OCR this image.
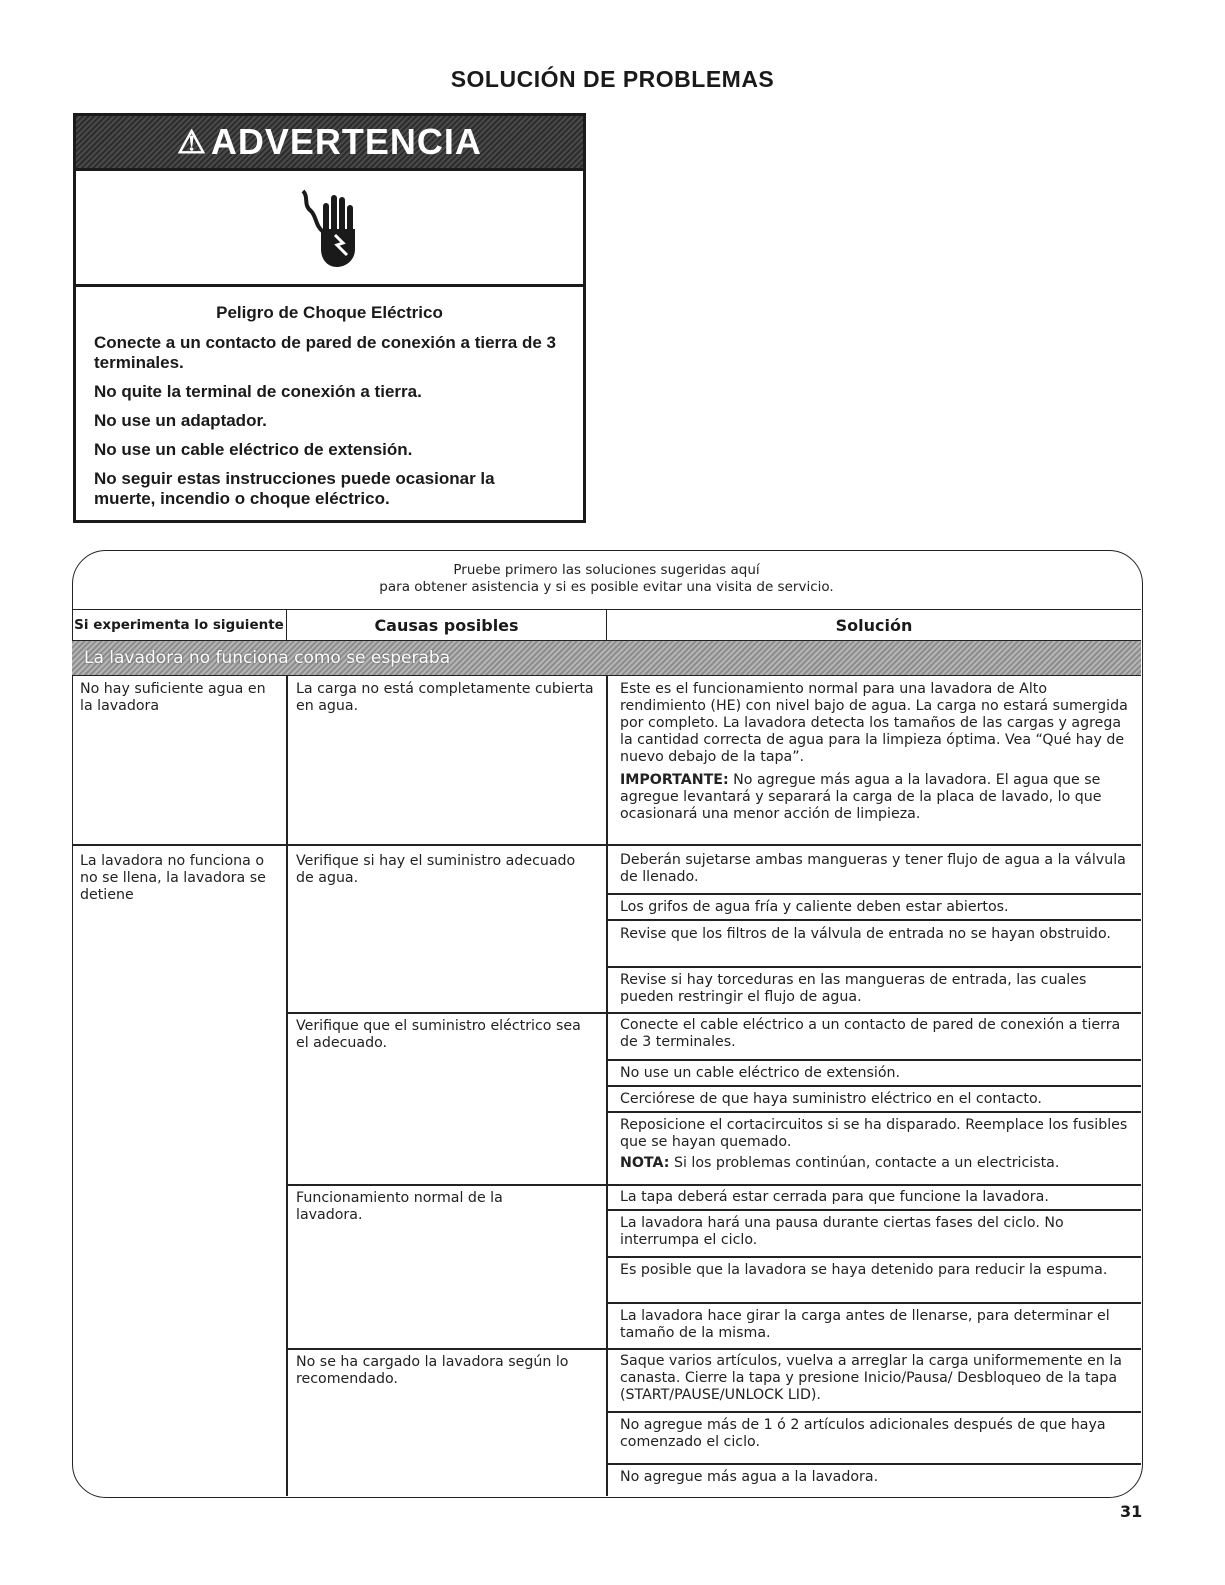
SOLUCIÓN DE PROBLEMAS
⚠ ADVERTENCIA
Peligro de Choque Eléctrico

Conecte a un contacto de pared de conexión a tierra de 3 terminales.

No quite la terminal de conexión a tierra.

No use un adaptador.

No use un cable eléctrico de extensión.

No seguir estas instrucciones puede ocasionar la muerte, incendio o choque eléctrico.

Pruebe primero las soluciones sugeridas aquí
para obtener asistencia y si es posible evitar una visita de servicio.
Si experimenta lo siguiente	Causas posibles	Solución
La lavadora no funciona como se esperaba
No hay suficiente agua en la lavadora
La carga no está completamente cubierta en agua.
Este es el funcionamiento normal para una lavadora de Alto rendimiento (HE) con nivel bajo de agua. La carga no estará sumergida por completo. La lavadora detecta los tamaños de las cargas y agrega la cantidad correcta de agua para la limpieza óptima. Vea “Qué hay de nuevo debajo de la tapa”.
IMPORTANTE: No agregue más agua a la lavadora. El agua que se agregue levantará y separará la carga de la placa de lavado, lo que ocasionará una menor acción de limpieza.
La lavadora no funciona o no se llena, la lavadora se detiene
Verifique si hay el suministro adecuado de agua.
Deberán sujetarse ambas mangueras y tener flujo de agua a la válvula de llenado.
Los grifos de agua fría y caliente deben estar abiertos.
Revise que los filtros de la válvula de entrada no se hayan obstruido.
Revise si hay torceduras en las mangueras de entrada, las cuales pueden restringir el flujo de agua.
Verifique que el suministro eléctrico sea el adecuado.
Conecte el cable eléctrico a un contacto de pared de conexión a tierra de 3 terminales.
No use un cable eléctrico de extensión.
Cerciórese de que haya suministro eléctrico en el contacto.
Reposicione el cortacircuitos si se ha disparado. Reemplace los fusibles que se hayan quemado.
NOTA: Si los problemas continúan, contacte a un electricista.
Funcionamiento normal de la lavadora.
La tapa deberá estar cerrada para que funcione la lavadora.
La lavadora hará una pausa durante ciertas fases del ciclo. No interrumpa el ciclo.
Es posible que la lavadora se haya detenido para reducir la espuma.
La lavadora hace girar la carga antes de llenarse, para determinar el tamaño de la misma.
No se ha cargado la lavadora según lo recomendado.
Saque varios artículos, vuelva a arreglar la carga uniformemente en la canasta. Cierre la tapa y presione Inicio/Pausa/ Desbloqueo de la tapa (START/PAUSE/UNLOCK LID).
No agregue más de 1 ó 2 artículos adicionales después de que haya comenzado el ciclo.
No agregue más agua a la lavadora.
31
